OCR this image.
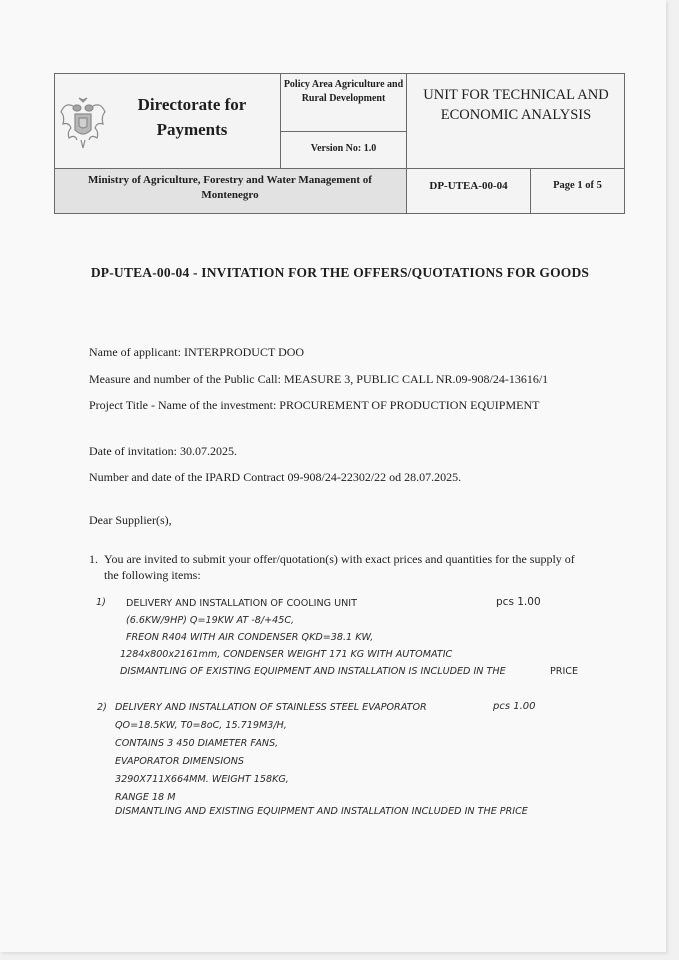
Directorate for Payments
Policy Area Agriculture and Rural Development
Version No: 1.0
UNIT FOR TECHNICAL AND ECONOMIC ANALYSIS
Ministry of Agriculture, Forestry and Water Management of Montenegro
DP-UTEA-00-04	Page 1 of 5
DP-UTEA-00-04 - INVITATION FOR THE OFFERS/QUOTATIONS FOR GOODS
Name of applicant: INTERPRODUCT DOO
Measure and number of the Public Call: MEASURE 3, PUBLIC CALL NR.09-908/24-13616/1
Project Title - Name of the investment: PROCUREMENT OF PRODUCTION EQUIPMENT
Date of invitation: 30.07.2025.
Number and date of the IPARD Contract 09-908/24-22302/22 od 28.07.2025.
Dear Supplier(s),
1. You are invited to submit your offer/quotation(s) with exact prices and quantities for the supply of
the following items:
1)	pcs 1.00
DELIVERY AND INSTALLATION OF COOLING UNIT
(6.6KW/9HP) Q=19KW AT -8/+45C,
FREON R404 WITH AIR CONDENSER QKD=38.1 KW,
1284x800x2161mm, CONDENSER WEIGHT 171 KG WITH AUTOMATIC
DISMANTLING OF EXISTING EQUIPMENT AND INSTALLATION IS INCLUDED IN THE	PRICE
2)	pcs 1.00
DELIVERY AND INSTALLATION OF STAINLESS STEEL EVAPORATOR
QO=18.5KW, T0=8oC, 15.719M3/H,
CONTAINS 3 450 DIAMETER FANS,
EVAPORATOR DIMENSIONS
3290X711X664MM. WEIGHT 158KG,
RANGE 18 M
DISMANTLING AND EXISTING EQUIPMENT AND INSTALLATION INCLUDED IN THE PRICE
